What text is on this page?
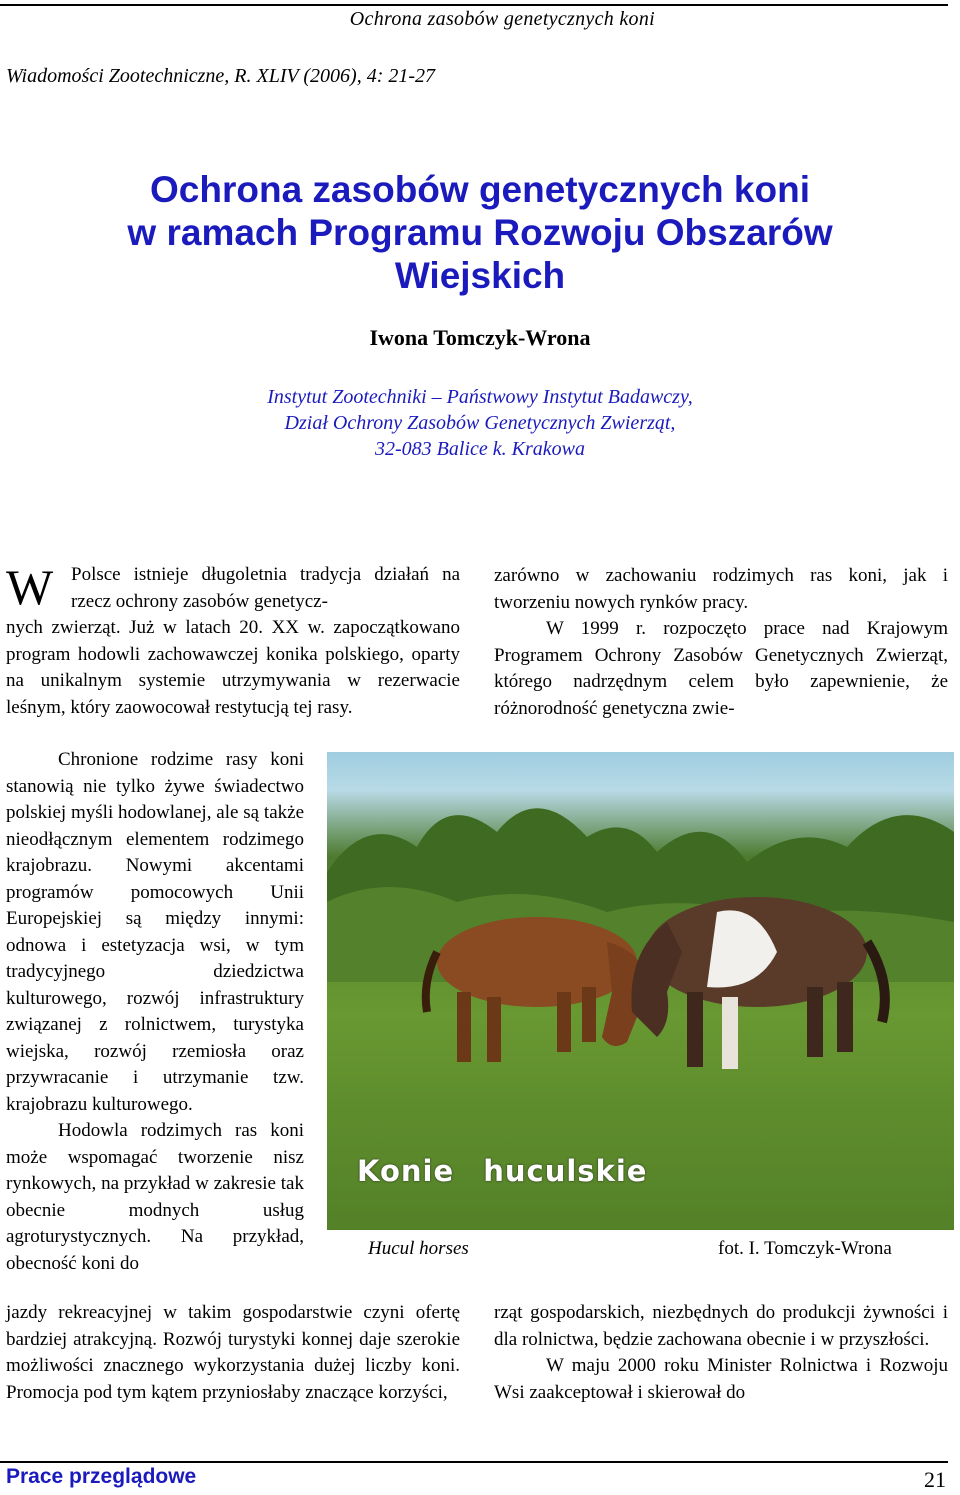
Ochrona zasobów genetycznych koni
Wiadomości Zootechniczne, R. XLIV (2006), 4: 21-27
Ochrona zasobów genetycznych koni
w ramach Programu Rozwoju Obszarów
Wiejskich
Iwona Tomczyk-Wrona
Instytut Zootechniki – Państwowy Instytut Badawczy,
Dział Ochrony Zasobów Genetycznych Zwierząt,
32-083 Balice k. Krakowa

W Polsce istnieje długoletnia tradycja działań na rzecz ochrony zasobów genetycz-

nych zwierząt. Już w latach 20. XX w. zapoczątkowano program hodowli zachowawczej konika polskiego, oparty na unikalnym systemie utrzymywania w rezerwacie leśnym, który zaowocował restytucją tej rasy.

Chronione rodzime rasy koni stanowią nie tylko żywe świadectwo polskiej myśli hodowlanej, ale są także nieodłącznym elementem rodzimego krajobrazu. Nowymi akcentami programów pomocowych Unii Europejskiej są między innymi: odnowa i estetyzacja wsi, w tym tradycyjnego dziedzictwa kulturowego, rozwój infrastruktury związanej z rolnictwem, turystyka wiejska, rozwój rzemiosła oraz przywracanie i utrzymanie tzw. krajobrazu kulturowego.

Hodowla rodzimych ras koni może wspomagać tworzenie nisz rynkowych, na przykład w zakresie tak obecnie modnych usług agroturystycznych. Na przykład, obecność koni do

jazdy rekreacyjnej w takim gospodarstwie czyni ofertę bardziej atrakcyjną. Rozwój turystyki konnej daje szerokie możliwości znacznego wykorzystania dużej liczby koni. Promocja pod tym kątem przyniosłaby znaczące korzyści,

zarówno w zachowaniu rodzimych ras koni, jak i tworzeniu nowych rynków pracy.

W 1999 r. rozpoczęto prace nad Krajowym Programem Ochrony Zasobów Genetycznych Zwierząt, którego nadrzędnym celem było zapewnienie, że różnorodność genetyczna zwie-

Konie huculskie
Hucul horses	fot. I. Tomczyk-Wrona

rząt gospodarskich, niezbędnych do produkcji żywności i dla rolnictwa, będzie zachowana obecnie i w przyszłości.

W maju 2000 roku Minister Rolnictwa i Rozwoju Wsi zaakceptował i skierował do

Prace przeglądowe	21
